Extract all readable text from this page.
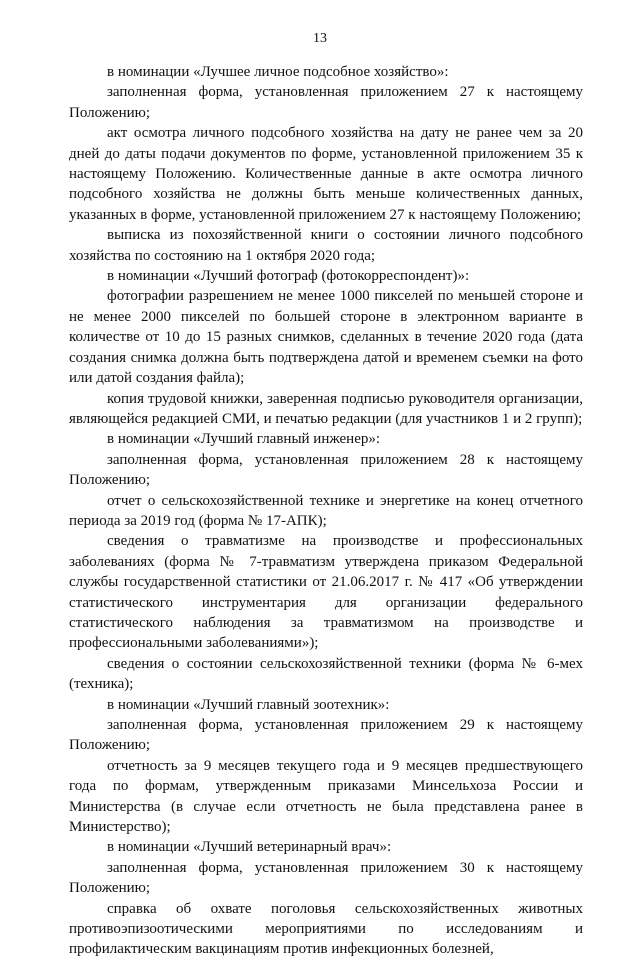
13

в номинации «Лучшее личное подсобное хозяйство»:

заполненная форма, установленная приложением 27 к настоящему Положению;

акт осмотра личного подсобного хозяйства на дату не ранее чем за 20 дней до даты подачи документов по форме, установленной приложением 35 к настоящему Положению. Количественные данные в акте осмотра личного подсобного хозяйства не должны быть меньше количественных данных, указанных в форме, установленной приложением 27 к настоящему Положению;

выписка из похозяйственной книги о состоянии личного подсобного хозяйства по состоянию на 1 октября 2020 года;

в номинации «Лучший фотограф (фотокорреспондент)»:

фотографии разрешением не менее 1000 пикселей по меньшей стороне и не менее 2000 пикселей по большей стороне в электронном варианте в количестве от 10 до 15 разных снимков, сделанных в течение 2020 года (дата создания снимка должна быть подтверждена датой и временем съемки на фото или датой создания файла);

копия трудовой книжки, заверенная подписью руководителя организации, являющейся редакцией СМИ, и печатью редакции (для участников 1 и 2 групп);

в номинации «Лучший главный инженер»:

заполненная форма, установленная приложением 28 к настоящему Положению;

отчет о сельскохозяйственной технике и энергетике на конец отчетного периода за 2019 год (форма № 17-АПК);

сведения о травматизме на производстве и профессиональных заболеваниях (форма № 7-травматизм утверждена приказом Федеральной службы государственной статистики от 21.06.2017 г. № 417 «Об утверждении статистического инструментария для организации федерального статистического наблюдения за травматизмом на производстве и профессиональными заболеваниями»);

сведения о состоянии сельскохозяйственной техники (форма № 6-мех (техника);

в номинации «Лучший главный зоотехник»:

заполненная форма, установленная приложением 29 к настоящему Положению;

отчетность за 9 месяцев текущего года и 9 месяцев предшествующего года по формам, утвержденным приказами Минсельхоза России и Министерства (в случае если отчетность не была представлена ранее в Министерство);

в номинации «Лучший ветеринарный врач»:

заполненная форма, установленная приложением 30 к настоящему Положению;

справка об охвате поголовья сельскохозяйственных животных противоэпизоотическими мероприятиями по исследованиям и профилактическим вакцинациям против инфекционных болезней,
